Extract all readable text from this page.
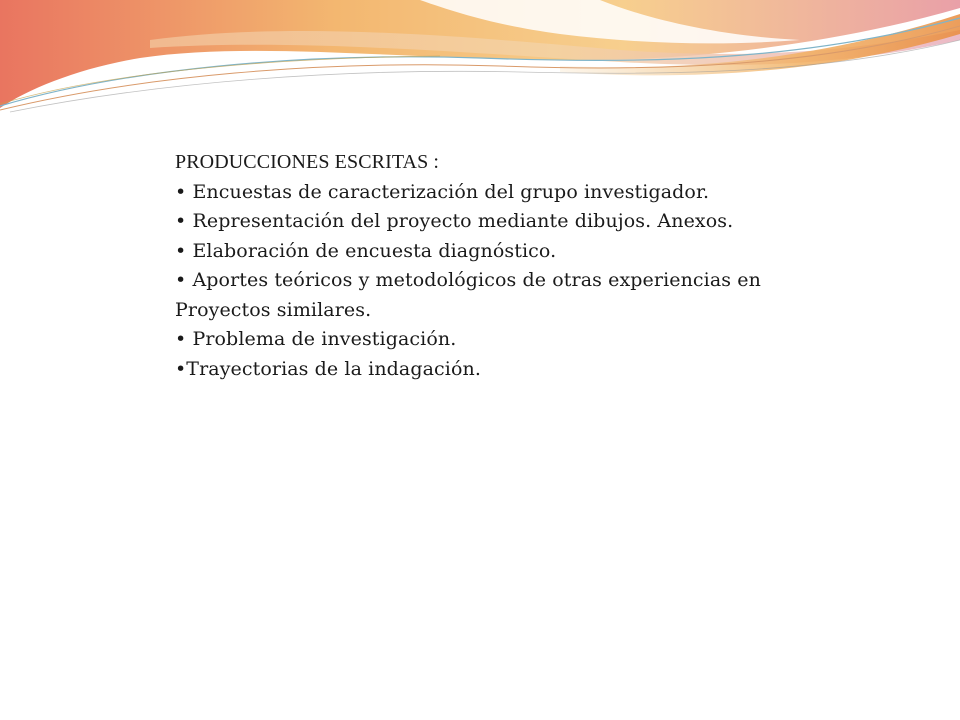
PRODUCCIONES ESCRITAS :
• Encuestas de caracterización del grupo investigador.
• Representación del proyecto mediante dibujos. Anexos.
• Elaboración de encuesta diagnóstico.
• Aportes teóricos y metodológicos de otras experiencias en
Proyectos similares.
• Problema de investigación.
•Trayectorias de la indagación.
